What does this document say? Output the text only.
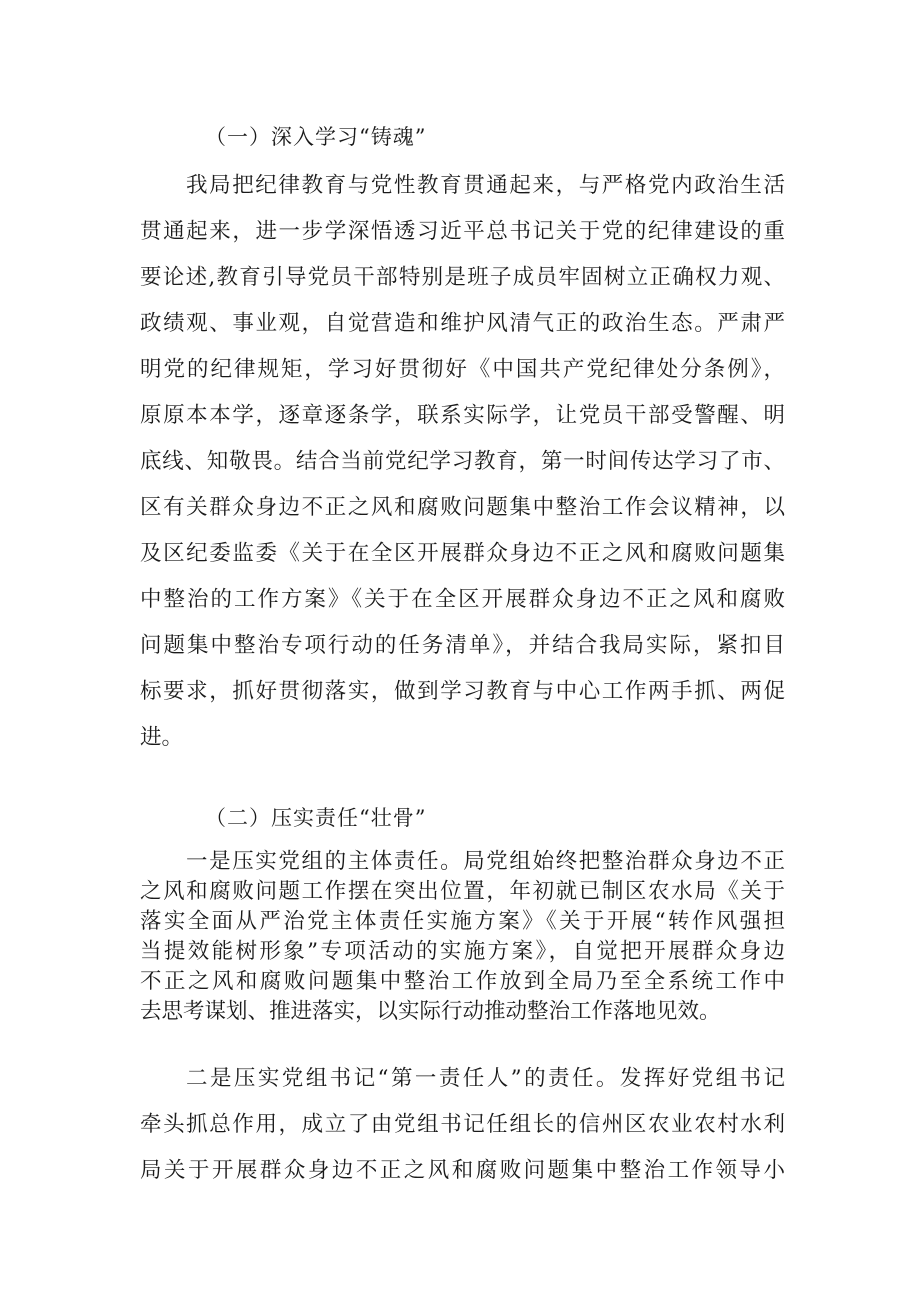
（一）深入学习“铸魂”
我局把纪律教育与党性教育贯通起来，与严格党内政治生活
贯通起来，进一步学深悟透习近平总书记关于党的纪律建设的重
要论述,教育引导党员干部特别是班子成员牢固树立正确权力观、
政绩观、事业观，自觉营造和维护风清气正的政治生态。严肃严
明党的纪律规矩，学习好贯彻好《中国共产党纪律处分条例》，
原原本本学，逐章逐条学，联系实际学，让党员干部受警醒、明
底线、知敬畏。结合当前党纪学习教育，第一时间传达学习了市、
区有关群众身边不正之风和腐败问题集中整治工作会议精神，以
及区纪委监委《关于在全区开展群众身边不正之风和腐败问题集
中整治的工作方案》《关于在全区开展群众身边不正之风和腐败
问题集中整治专项行动的任务清单》，并结合我局实际，紧扣目
标要求，抓好贯彻落实，做到学习教育与中心工作两手抓、两促
进。
（二）压实责任“壮骨”
一是压实党组的主体责任。局党组始终把整治群众身边不正
之风和腐败问题工作摆在突出位置，年初就已制区农水局《关于
落实全面从严治党主体责任实施方案》《关于开展“转作风强担
当提效能树形象”专项活动的实施方案》，自觉把开展群众身边
不正之风和腐败问题集中整治工作放到全局乃至全系统工作中
去思考谋划、推进落实，以实际行动推动整治工作落地见效。
二是压实党组书记“第一责任人”的责任。发挥好党组书记
牵头抓总作用，成立了由党组书记任组长的信州区农业农村水利
局关于开展群众身边不正之风和腐败问题集中整治工作领导小
